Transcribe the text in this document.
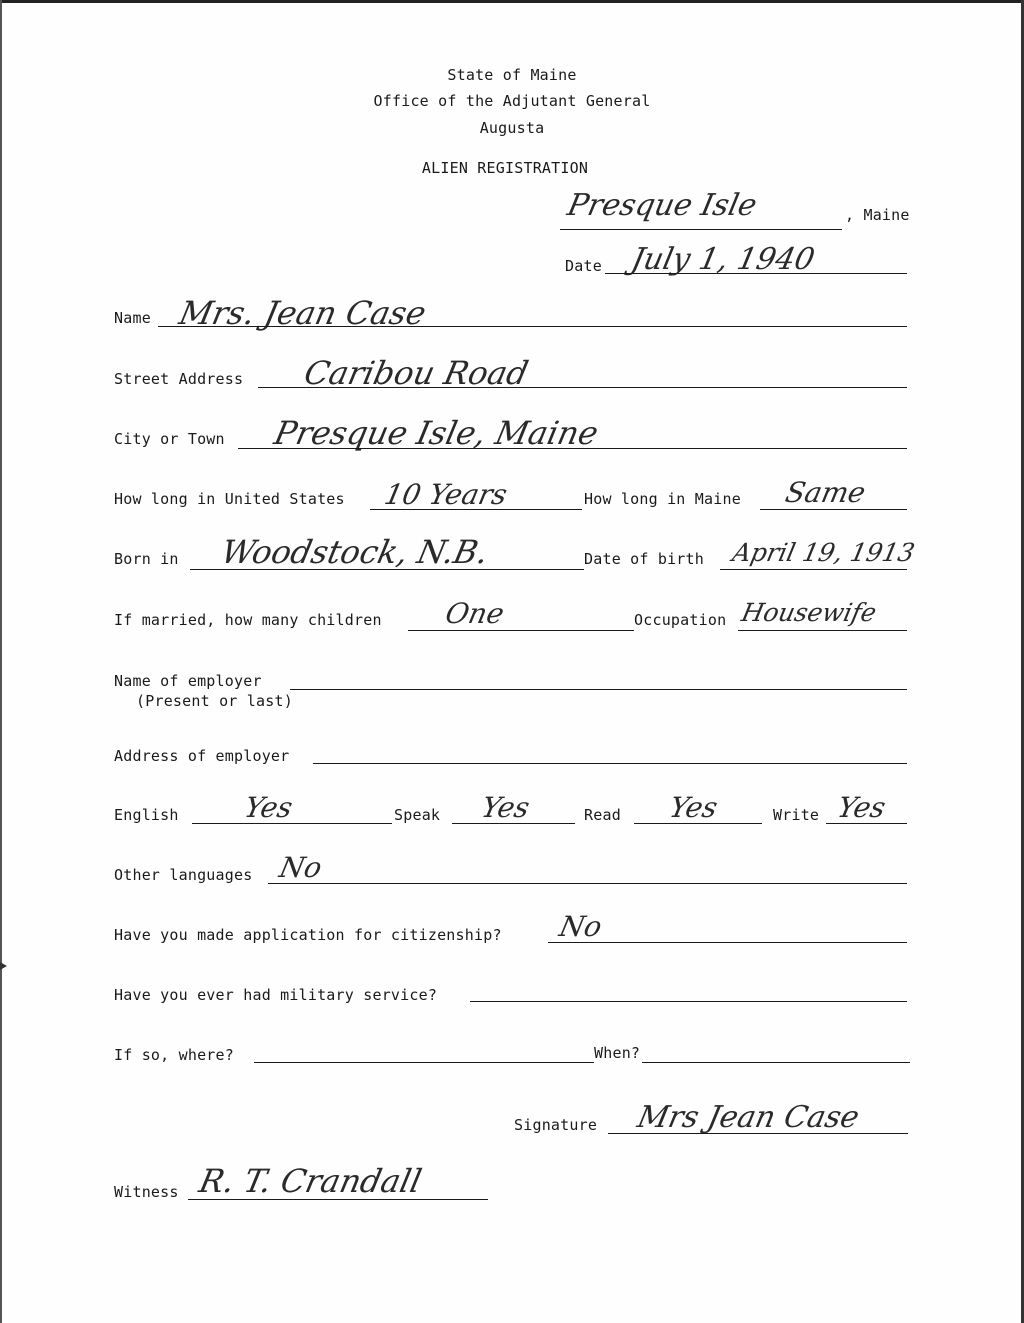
State of Maine
Office of the Adjutant General
Augusta
ALIEN REGISTRATION
Presque Isle	, Maine
Date July 1, 1940
Name Mrs. Jean Case
Street Address Caribou Road
City or Town Presque Isle, Maine
How long in United States 10 Years	How long in Maine Same
Born in Woodstock, N.B.	Date of birth April 19, 1913
If married, how many children One	Occupation Housewife
Name of employer
(Present or last)
Address of employer
English Yes	Speak Yes	Read Yes	Write Yes
Other languages No
Have you made application for citizenship? No
Have you ever had military service?
If so, where?	When?
Signature Mrs Jean Case
Witness R. T. Crandall
